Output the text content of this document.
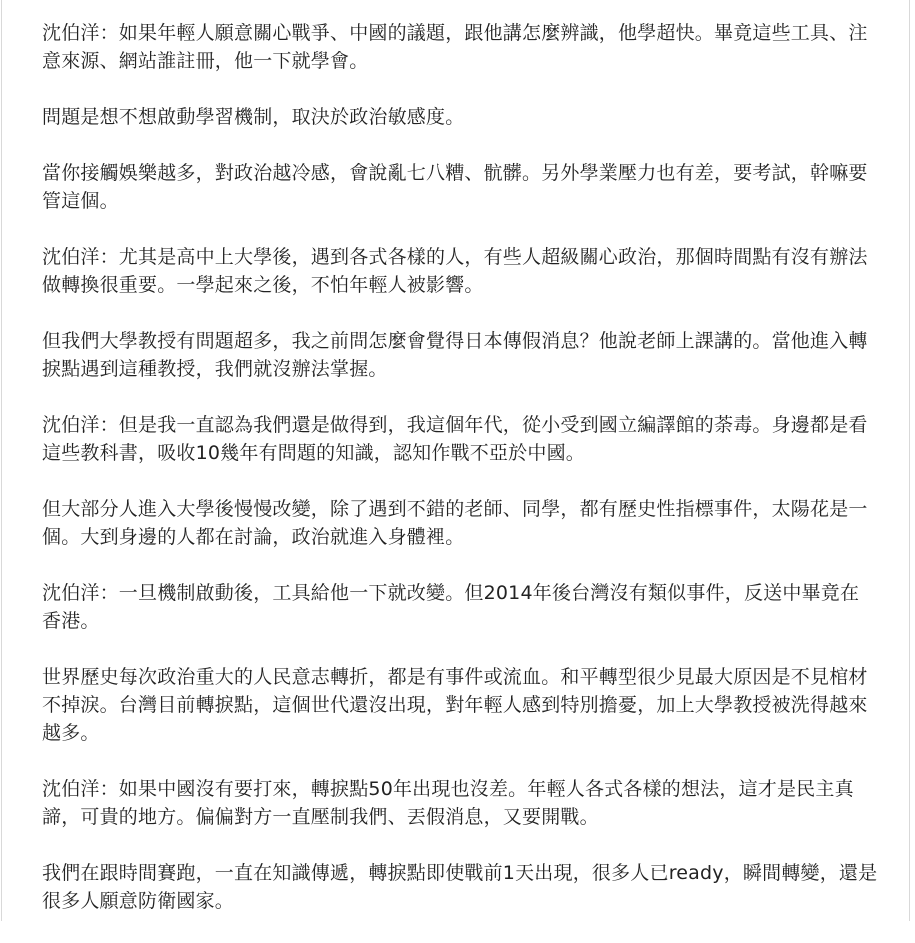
沈伯洋：如果年輕人願意關心戰爭、中國的議題，跟他講怎麼辨識，他學超快。畢竟這些工具、注意來源、網站誰註冊，他一下就學會。

問題是想不想啟動學習機制，取決於政治敏感度。

當你接觸娛樂越多，對政治越冷感，會說亂七八糟、骯髒。另外學業壓力也有差，要考試，幹嘛要管這個。

沈伯洋：尤其是高中上大學後，遇到各式各樣的人，有些人超級關心政治，那個時間點有沒有辦法做轉換很重要。一學起來之後，不怕年輕人被影響。

但我們大學教授有問題超多，我之前問怎麼會覺得日本傳假消息？他說老師上課講的。當他進入轉捩點遇到這種教授，我們就沒辦法掌握。

沈伯洋：但是我一直認為我們還是做得到，我這個年代，從小受到國立編譯館的荼毒。身邊都是看這些教科書，吸收10幾年有問題的知識，認知作戰不亞於中國。

但大部分人進入大學後慢慢改變，除了遇到不錯的老師、同學，都有歷史性指標事件，太陽花是一個。大到身邊的人都在討論，政治就進入身體裡。

沈伯洋：一旦機制啟動後，工具給他一下就改變。但2014年後台灣沒有類似事件，反送中畢竟在香港。

世界歷史每次政治重大的人民意志轉折，都是有事件或流血。和平轉型很少見最大原因是不見棺材不掉淚。台灣目前轉捩點，這個世代還沒出現，對年輕人感到特別擔憂，加上大學教授被洗得越來越多。

沈伯洋：如果中國沒有要打來，轉捩點50年出現也沒差。年輕人各式各樣的想法，這才是民主真諦，可貴的地方。偏偏對方一直壓制我們、丟假消息，又要開戰。

我們在跟時間賽跑，一直在知識傳遞，轉捩點即使戰前1天出現，很多人已ready，瞬間轉變，還是很多人願意防衛國家。
